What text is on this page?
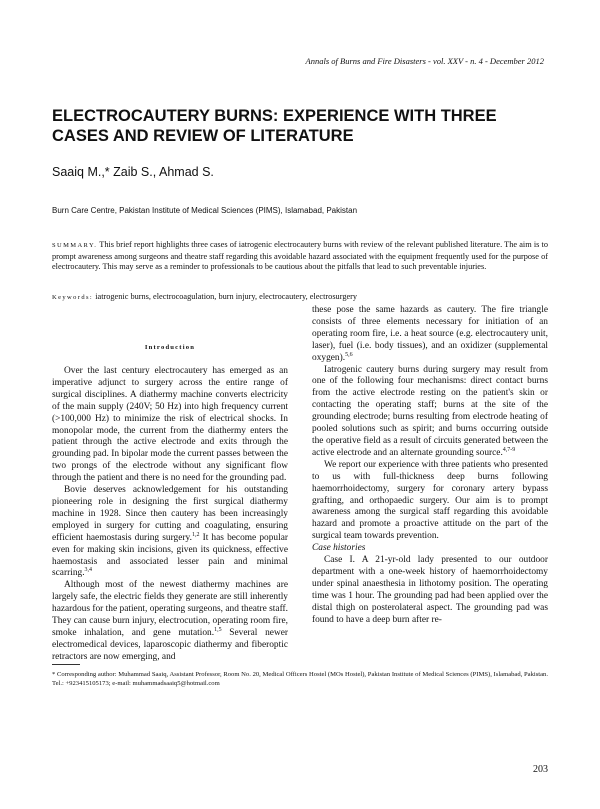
Annals of Burns and Fire Disasters - vol. XXV - n. 4 - December 2012
ELECTROCAUTERY BURNS: EXPERIENCE WITH THREE CASES AND REVIEW OF LITERATURE
Saaiq M.,* Zaib S., Ahmad S.
Burn Care Centre, Pakistan Institute of Medical Sciences (PIMS), Islamabad, Pakistan

SUMMARY. This brief report highlights three cases of iatrogenic electrocautery burns with review of the relevant published literature. The aim is to prompt awareness among surgeons and theatre staff regarding this avoidable hazard associated with the equipment frequently used for the purpose of electrocautery. This may serve as a reminder to professionals to be cautious about the pitfalls that lead to such preventable injuries.

Keywords: iatrogenic burns, electrocoagulation, burn injury, electrocautery, electrosurgery

Introduction

Over the last century electrocautery has emerged as an imperative adjunct to surgery across the entire range of surgical disciplines. A diathermy machine converts electricity of the main supply (240V; 50 Hz) into high frequency current (>100,000 Hz) to minimize the risk of electrical shocks. In monopolar mode, the current from the diathermy enters the patient through the active electrode and exits through the grounding pad. In bipolar mode the current passes between the two prongs of the electrode without any significant flow through the patient and there is no need for the grounding pad.

Bovie deserves acknowledgement for his outstanding pioneering role in designing the first surgical diathermy machine in 1928. Since then cautery has been increasingly employed in surgery for cutting and coagulating, ensuring efficient haemostasis during surgery.$^{1,2}$ It has become popular even for making skin incisions, given its quickness, effective haemostasis and associated lesser pain and minimal scarring.$^{3,4}$

Although most of the newest diathermy machines are largely safe, the electric fields they generate are still inherently hazardous for the patient, operating surgeons, and theatre staff. They can cause burn injury, electrocution, operating room fire, smoke inhalation, and gene mutation.$^{1,5}$ Several newer electromedical devices, laparoscopic diathermy and fiberoptic retractors are now emerging, and

these pose the same hazards as cautery. The fire triangle consists of three elements necessary for initiation of an operating room fire, i.e. a heat source (e.g. electrocautery unit, laser), fuel (i.e. body tissues), and an oxidizer (supplemental oxygen).$^{5,6}$

Iatrogenic cautery burns during surgery may result from one of the following four mechanisms: direct contact burns from the active electrode resting on the patient's skin or contacting the operating staff; burns at the site of the grounding electrode; burns resulting from electrode heating of pooled solutions such as spirit; and burns occurring outside the operative field as a result of circuits generated between the active electrode and an alternate grounding source.$^{4,7-9}$

We report our experience with three patients who presented to us with full-thickness deep burns following haemorrhoidectomy, surgery for coronary artery bypass grafting, and orthopaedic surgery. Our aim is to prompt awareness among the surgical staff regarding this avoidable hazard and promote a proactive attitude on the part of the surgical team towards prevention.

Case histories

Case I. A 21-yr-old lady presented to our outdoor department with a one-week history of haemorrhoidectomy under spinal anaesthesia in lithotomy position. The operating time was 1 hour. The grounding pad had been applied over the distal thigh on posterolateral aspect. The grounding pad was found to have a deep burn after re-

* Corresponding author: Muhammad Saaiq, Assistant Professor, Room No. 20, Medical Officers Hostel (MOs Hostel), Pakistan Institute of Medical Sciences (PIMS), Islamabad, Pakistan. Tel.: +923415105173; e-mail: muhammadsaaiq5@hotmail.com

203
